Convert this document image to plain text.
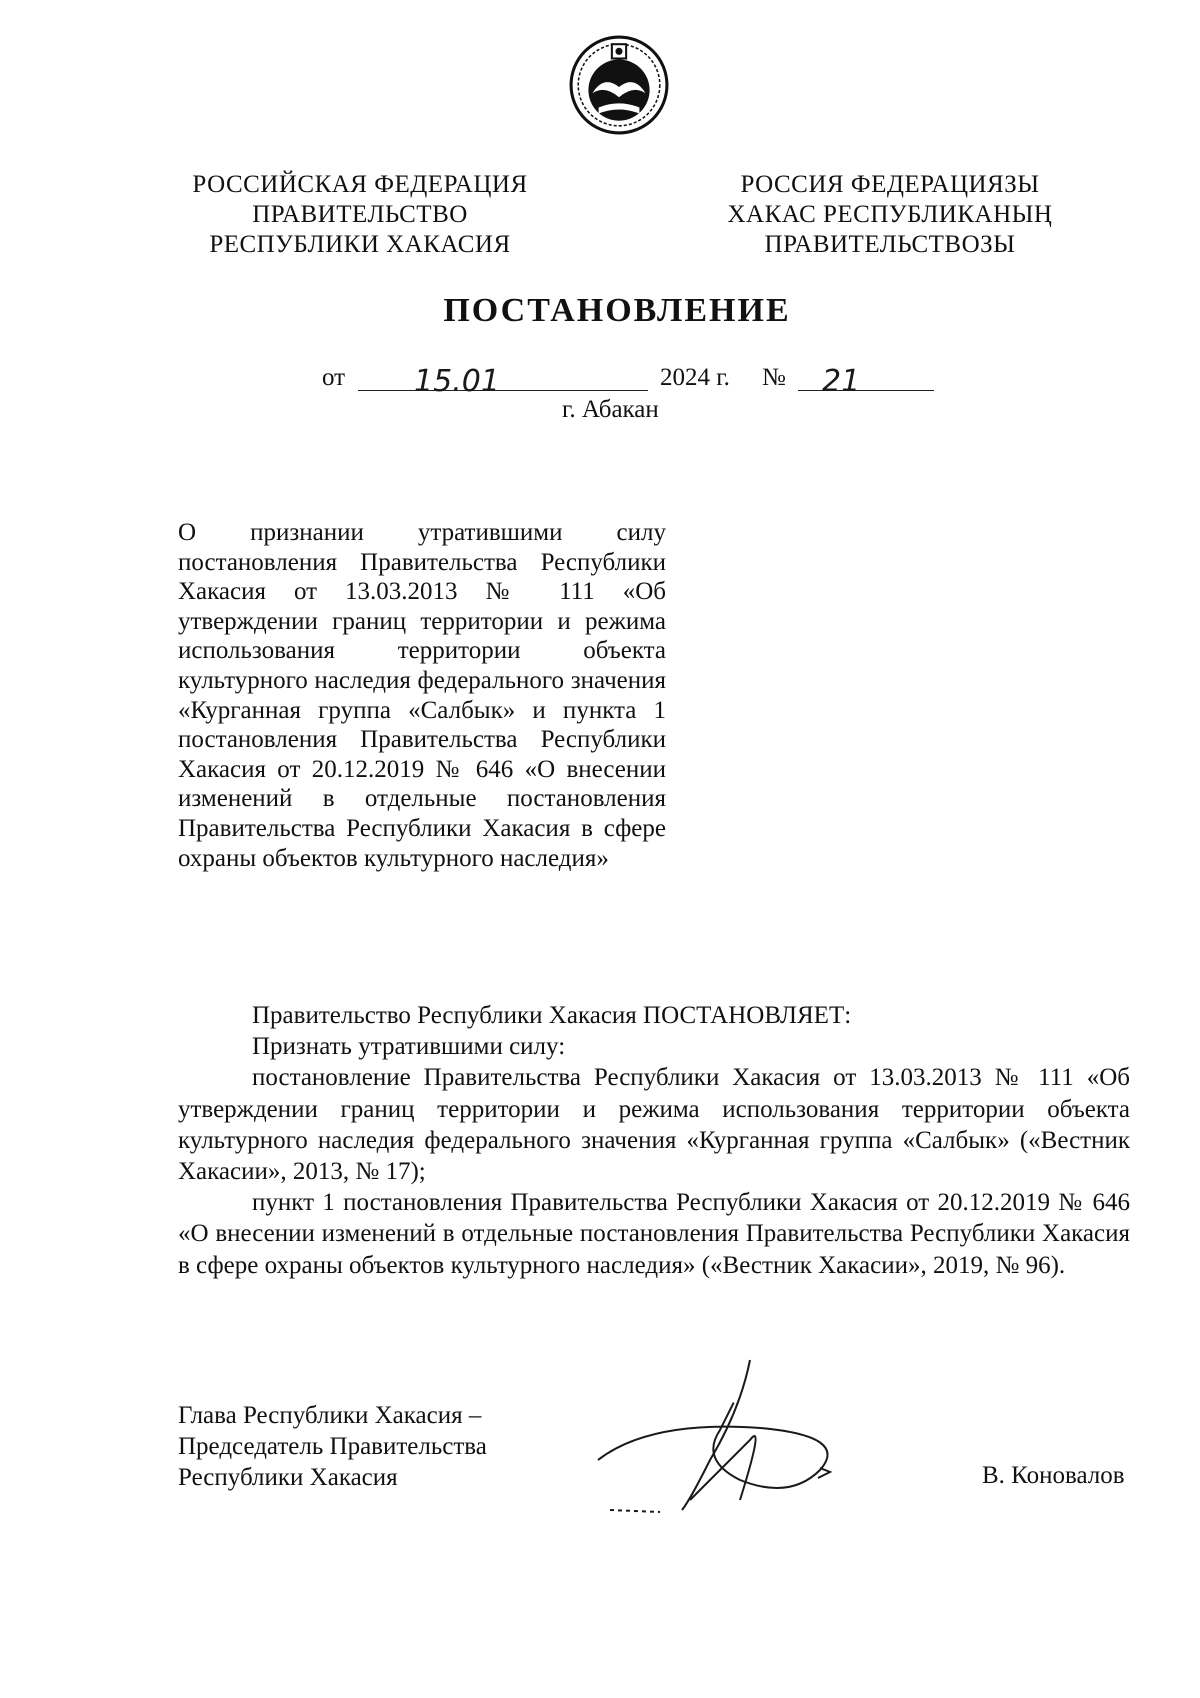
РОССИЙСКАЯ ФЕДЕРАЦИЯ
ПРАВИТЕЛЬСТВО
РЕСПУБЛИКИ ХАКАСИЯ
РОССИЯ ФЕДЕРАЦИЯЗЫ
ХАКАС РЕСПУБЛИКАНЫҢ
ПРАВИТЕЛЬСТВОЗЫ
ПОСТАНОВЛЕНИЕ
от 15.01	2024 г. № 21
г. Абакан
О признании утратившими силу постановления Правительства Республики Хакасия от 13.03.2013 № 111 «Об утверждении границ территории и режима использования территории объекта культурного наследия федерального значения «Курганная группа «Салбык» и пункта 1 постановления Правительства Республики Хакасия от 20.12.2019 № 646 «О внесении изменений в отдельные постановления Правительства Республики Хакасия в сфере охраны объектов культурного наследия»

Правительство Республики Хакасия ПОСТАНОВЛЯЕТ:

Признать утратившими силу:

постановление Правительства Республики Хакасия от 13.03.2013 № 111 «Об утверждении границ территории и режима использования территории объекта культурного наследия федерального значения «Курганная группа «Салбык» («Вестник Хакасии», 2013, № 17);

пункт 1 постановления Правительства Республики Хакасия от 20.12.2019 № 646 «О внесении изменений в отдельные постановления Правительства Республики Хакасия в сфере охраны объектов культурного наследия» («Вестник Хакасии», 2019, № 96).

Глава Республики Хакасия –
Председатель Правительства
Республики Хакасия	В. Коновалов
